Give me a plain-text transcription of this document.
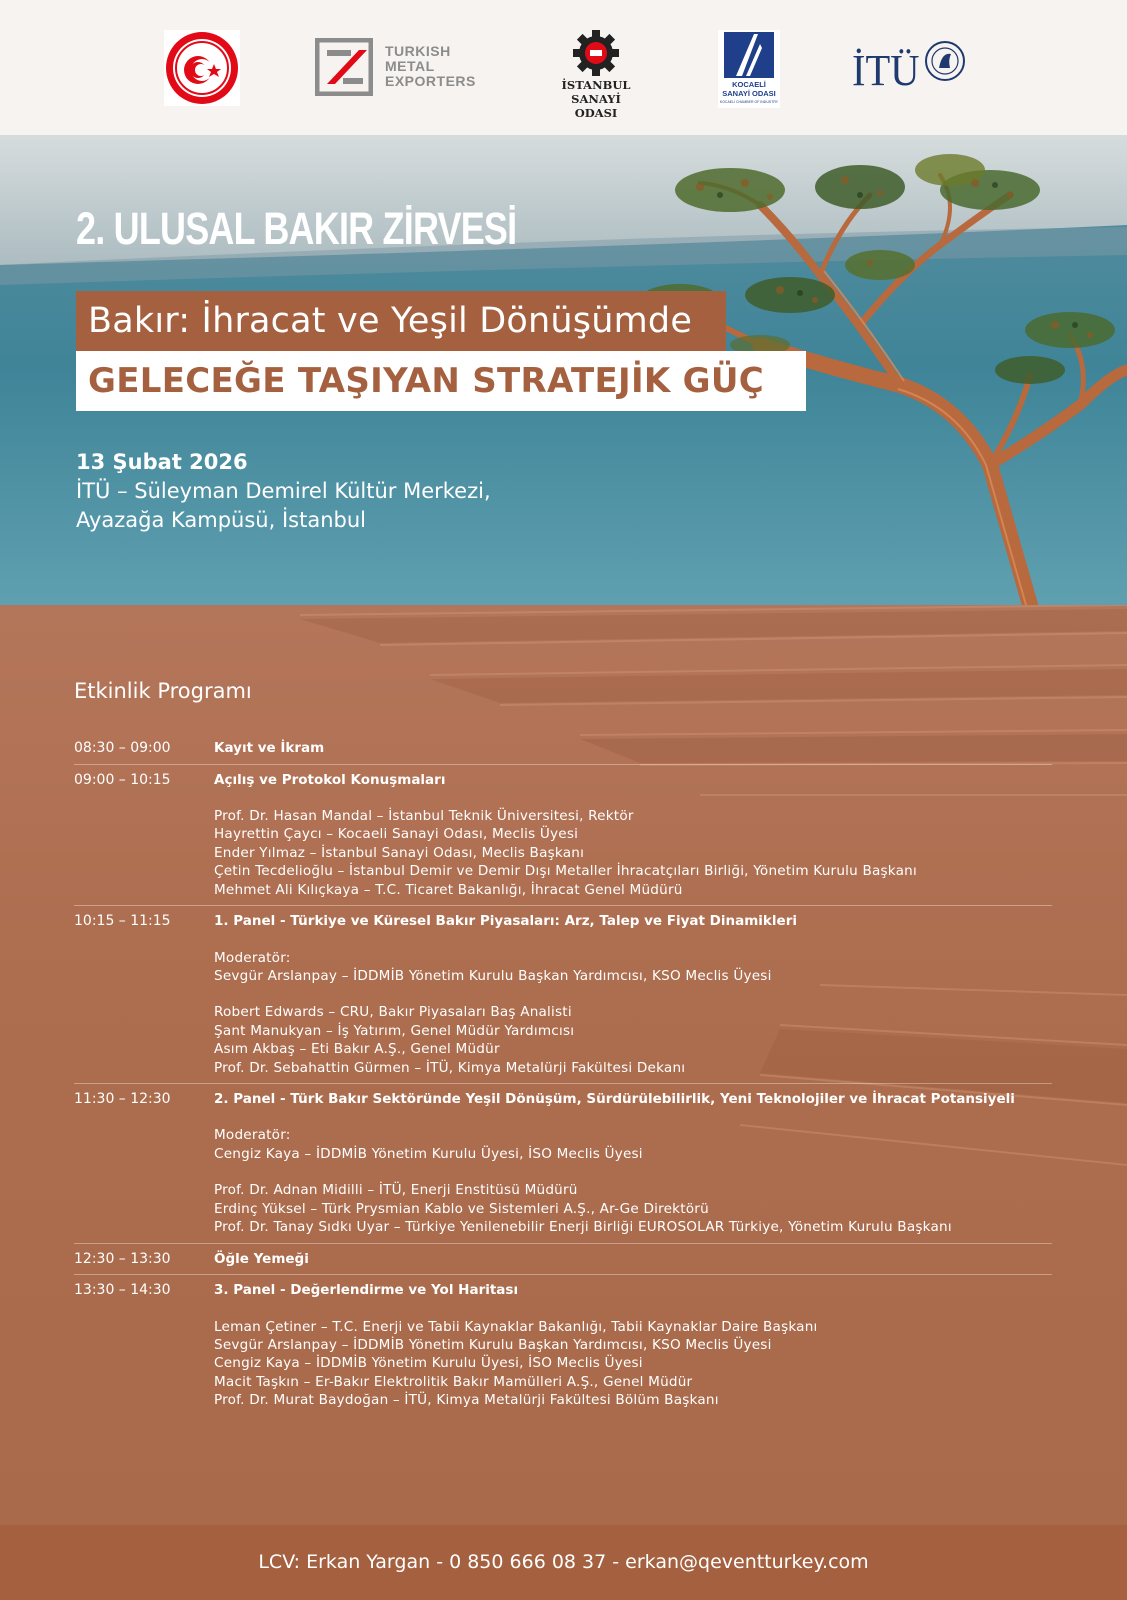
TURKISH
METAL
EXPORTERS	İSTANBUL
SANAYİ ODASI
KOCAELİ
SANAYİ ODASI
KOCAELİ CHAMBER OF INDUSTRY
İTÜ
2. ULUSAL BAKIR ZİRVESİ
Bakır: İhracat ve Yeşil Dönüşümde
GELECEĞE TAŞIYAN STRATEJİK GÜÇ
13 Şubat 2026
İTÜ – Süleyman Demirel Kültür Merkezi,
Ayazağa Kampüsü, İstanbul
Etkinlik Programı
08:30 – 09:00	Kayıt ve İkram
09:00 – 10:15	Açılış ve Protokol Konuşmaları
Prof. Dr. Hasan Mandal – İstanbul Teknik Üniversitesi, Rektör
Hayrettin Çaycı – Kocaeli Sanayi Odası, Meclis Üyesi
Ender Yılmaz – İstanbul Sanayi Odası, Meclis Başkanı
Çetin Tecdelioğlu – İstanbul Demir ve Demir Dışı Metaller İhracatçıları Birliği, Yönetim Kurulu Başkanı
Mehmet Ali Kılıçkaya – T.C. Ticaret Bakanlığı, İhracat Genel Müdürü
10:15 – 11:15	1. Panel - Türkiye ve Küresel Bakır Piyasaları: Arz, Talep ve Fiyat Dinamikleri
Moderatör:
Sevgür Arslanpay – İDDMİB Yönetim Kurulu Başkan Yardımcısı, KSO Meclis Üyesi
Robert Edwards – CRU, Bakır Piyasaları Baş Analisti
Şant Manukyan – İş Yatırım, Genel Müdür Yardımcısı
Asım Akbaş – Eti Bakır A.Ş., Genel Müdür
Prof. Dr. Sebahattin Gürmen – İTÜ, Kimya Metalürji Fakültesi Dekanı
11:30 – 12:30	2. Panel - Türk Bakır Sektöründe Yeşil Dönüşüm, Sürdürülebilirlik, Yeni Teknolojiler ve İhracat Potansiyeli
Moderatör:
Cengiz Kaya – İDDMİB Yönetim Kurulu Üyesi, İSO Meclis Üyesi
Prof. Dr. Adnan Midilli – İTÜ, Enerji Enstitüsü Müdürü
Erdinç Yüksel – Türk Prysmian Kablo ve Sistemleri A.Ş., Ar-Ge Direktörü
Prof. Dr. Tanay Sıdkı Uyar – Türkiye Yenilenebilir Enerji Birliği EUROSOLAR Türkiye, Yönetim Kurulu Başkanı
12:30 – 13:30	Öğle Yemeği
13:30 – 14:30	3. Panel - Değerlendirme ve Yol Haritası
Leman Çetiner – T.C. Enerji ve Tabii Kaynaklar Bakanlığı, Tabii Kaynaklar Daire Başkanı
Sevgür Arslanpay – İDDMİB Yönetim Kurulu Başkan Yardımcısı, KSO Meclis Üyesi
Cengiz Kaya – İDDMİB Yönetim Kurulu Üyesi, İSO Meclis Üyesi
Macit Taşkın – Er-Bakır Elektrolitik Bakır Mamülleri A.Ş., Genel Müdür
Prof. Dr. Murat Baydoğan – İTÜ, Kimya Metalürji Fakültesi Bölüm Başkanı
LCV: Erkan Yargan - 0 850 666 08 37 - erkan@qeventturkey.com
